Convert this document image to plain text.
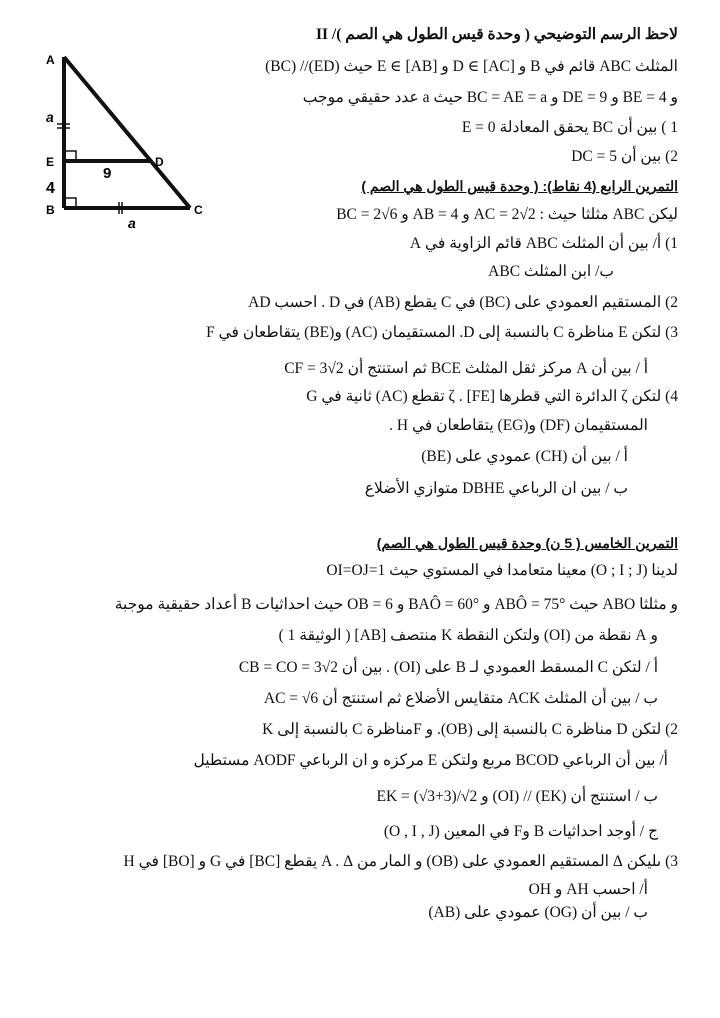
A
E
B
D
C
9
4
a
a
II /لاحظ الرسم التوضيحي ( وحدة قيس الطول هي الصم )
المثلث ABC قائم في B و D ∈ [AC] و E ∈ [AB] حيث (ED)// (BC)
و BE = 4 و DE = 9 و BC = AE = a حيث a عدد حقيقي موجب
1 ) بين أن BC يحقق المعادلة E = 0
2) بين أن DC = 5
التمرين الرابع (4 نقاط): ( وحدة قيس الطول هي الصم )
ليكن ABC مثلثا حيث : AC = 2√2 و AB = 4 و BC = 2√6
1) أ/ بين أن المثلث ABC قائم الزاوية في A
ب/ ابن المثلث ABC
2) المستقيم العمودي على (BC) في C يقطع (AB) في D . احسب AD
3) لتكن E مناظرة C بالنسبة إلى D. المستقيمان (AC) و(BE) يتقاطعان في F
أ / بين أن A مركز ثقل المثلث BCE ثم استنتج أن CF = 3√2
4) لتكن ζ الدائرة التي قطرها [FE] . ζ تقطع (AC) ثانية في G
المستقيمان (DF) و(EG) يتقاطعان في H .
أ / بين أن (CH) عمودي على (BE)
ب / بين ان الرباعي DBHE متوازي الأضلاع
التمرين الخامس ( 5 ن) وحدة قيس الطول هي الصم)
لدينا (O ; I ; J) معينا متعامدا في المستوي حيث OI=OJ=1
و مثلثا ABO حيث ABÔ = 75° و BAÔ = 60° و OB = 6 حيث احداثيات B أعداد حقيقية موجبة
و A نقطة من (OI) ولتكن النقطة K منتصف [AB] ( الوثيقة 1 )
أ / لتكن C المسقط العمودي لـ B على (OI) . بين أن CB = CO = 3√2
ب / بين أن المثلث ACK متقايس الأضلاع ثم استنتج أن AC = √6
2) لتكن D مناظرة C بالنسبة إلى (OB). و Fمناظرة C بالنسبة إلى K
أ/ بين أن الرباعي BCOD مربع ولتكن E مركزه و ان الرباعي AODF مستطيل
ب / استنتج أن (EK) // (OI) و EK = (√3+3)/√2
ج / أوجد احداثيات B وF في المعين (O , I , J)
3) ىليكن Δ المستقيم العمودي على (OB) و المار من A . Δ يقطع [BC] في G و [BO] في H
أ/ احسب AH و OH
ب / بين أن (OG) عمودي على (AB)
